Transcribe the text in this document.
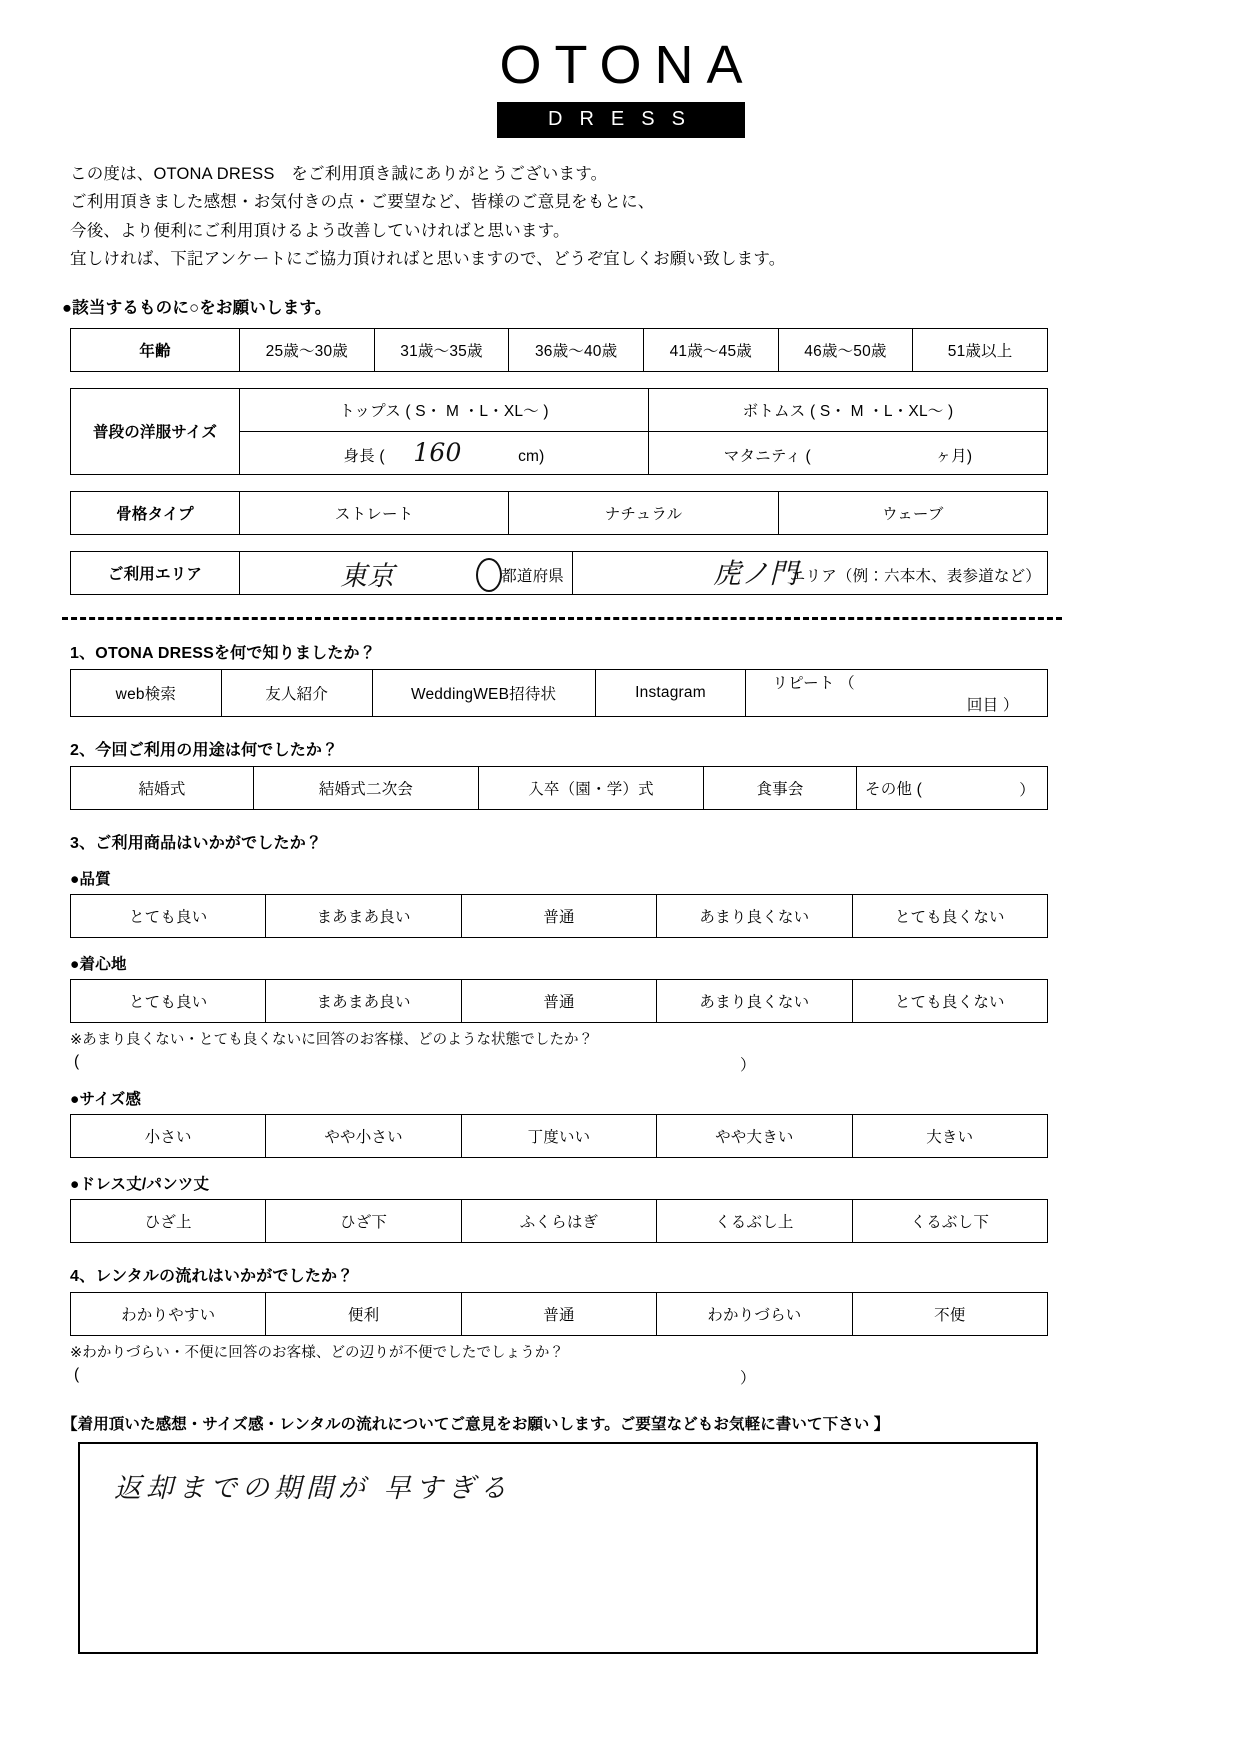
OTONA
DRESS
この度は、OTONA DRESS　をご利用頂き誠にありがとうございます。
ご利用頂きました感想・お気付きの点・ご要望など、皆様のご意見をもとに、
今後、より便利にご利用頂けるよう改善していければと思います。
宜しければ、下記アンケートにご協力頂ければと思いますので、どうぞ宜しくお願い致します。
●該当するものに○をお願いします。
年齢	25歳～30歳	31歳～35歳	36歳～40歳	41歳～45歳	46歳～50歳	51歳以上
普段の洋服サイズ	トップス ( S・ M ・L・XL～ )	ボトムス ( S・ M ・L・XL～ )
	身長 ( 160 cm)	マタニティ ( ヶ月)
骨格タイプ	ストレート	ナチュラル	ウェーブ
ご利用エリア	東京	都道府県	虎ノ門
エリア（例：六本木、表参道など）
1、OTONA DRESSを何で知りましたか？
web検索	友人紹介	WeddingWEB招待状	Instagram	リピート （  回目 ）
2、今回ご利用の用途は何でしたか？
結婚式	結婚式二次会	入卒（園・学）式	食事会	その他 (	）
3、ご利用商品はいかがでしたか？
●品質
とても良い	まあまあ良い	普通	あまり良くない	とても良くない
●着心地
とても良い	まあまあ良い	普通	あまり良くない	とても良くない
※あまり良くない・とても良くないに回答のお客様、どのような状態でしたか？
(	）
●サイズ感
小さい	やや小さい	丁度いい	やや大きい	大きい
●ドレス丈/パンツ丈
ひざ上	ひざ下	ふくらはぎ	くるぶし上	くるぶし下
4、レンタルの流れはいかがでしたか？
わかりやすい	便利	普通	わかりづらい	不便
※わかりづらい・不便に回答のお客様、どの辺りが不便でしたでしょうか？
(	）
【着用頂いた感想・サイズ感・レンタルの流れについてご意見をお願いします。ご要望などもお気軽に書いて下さい 】
返却までの期間が 早すぎる
